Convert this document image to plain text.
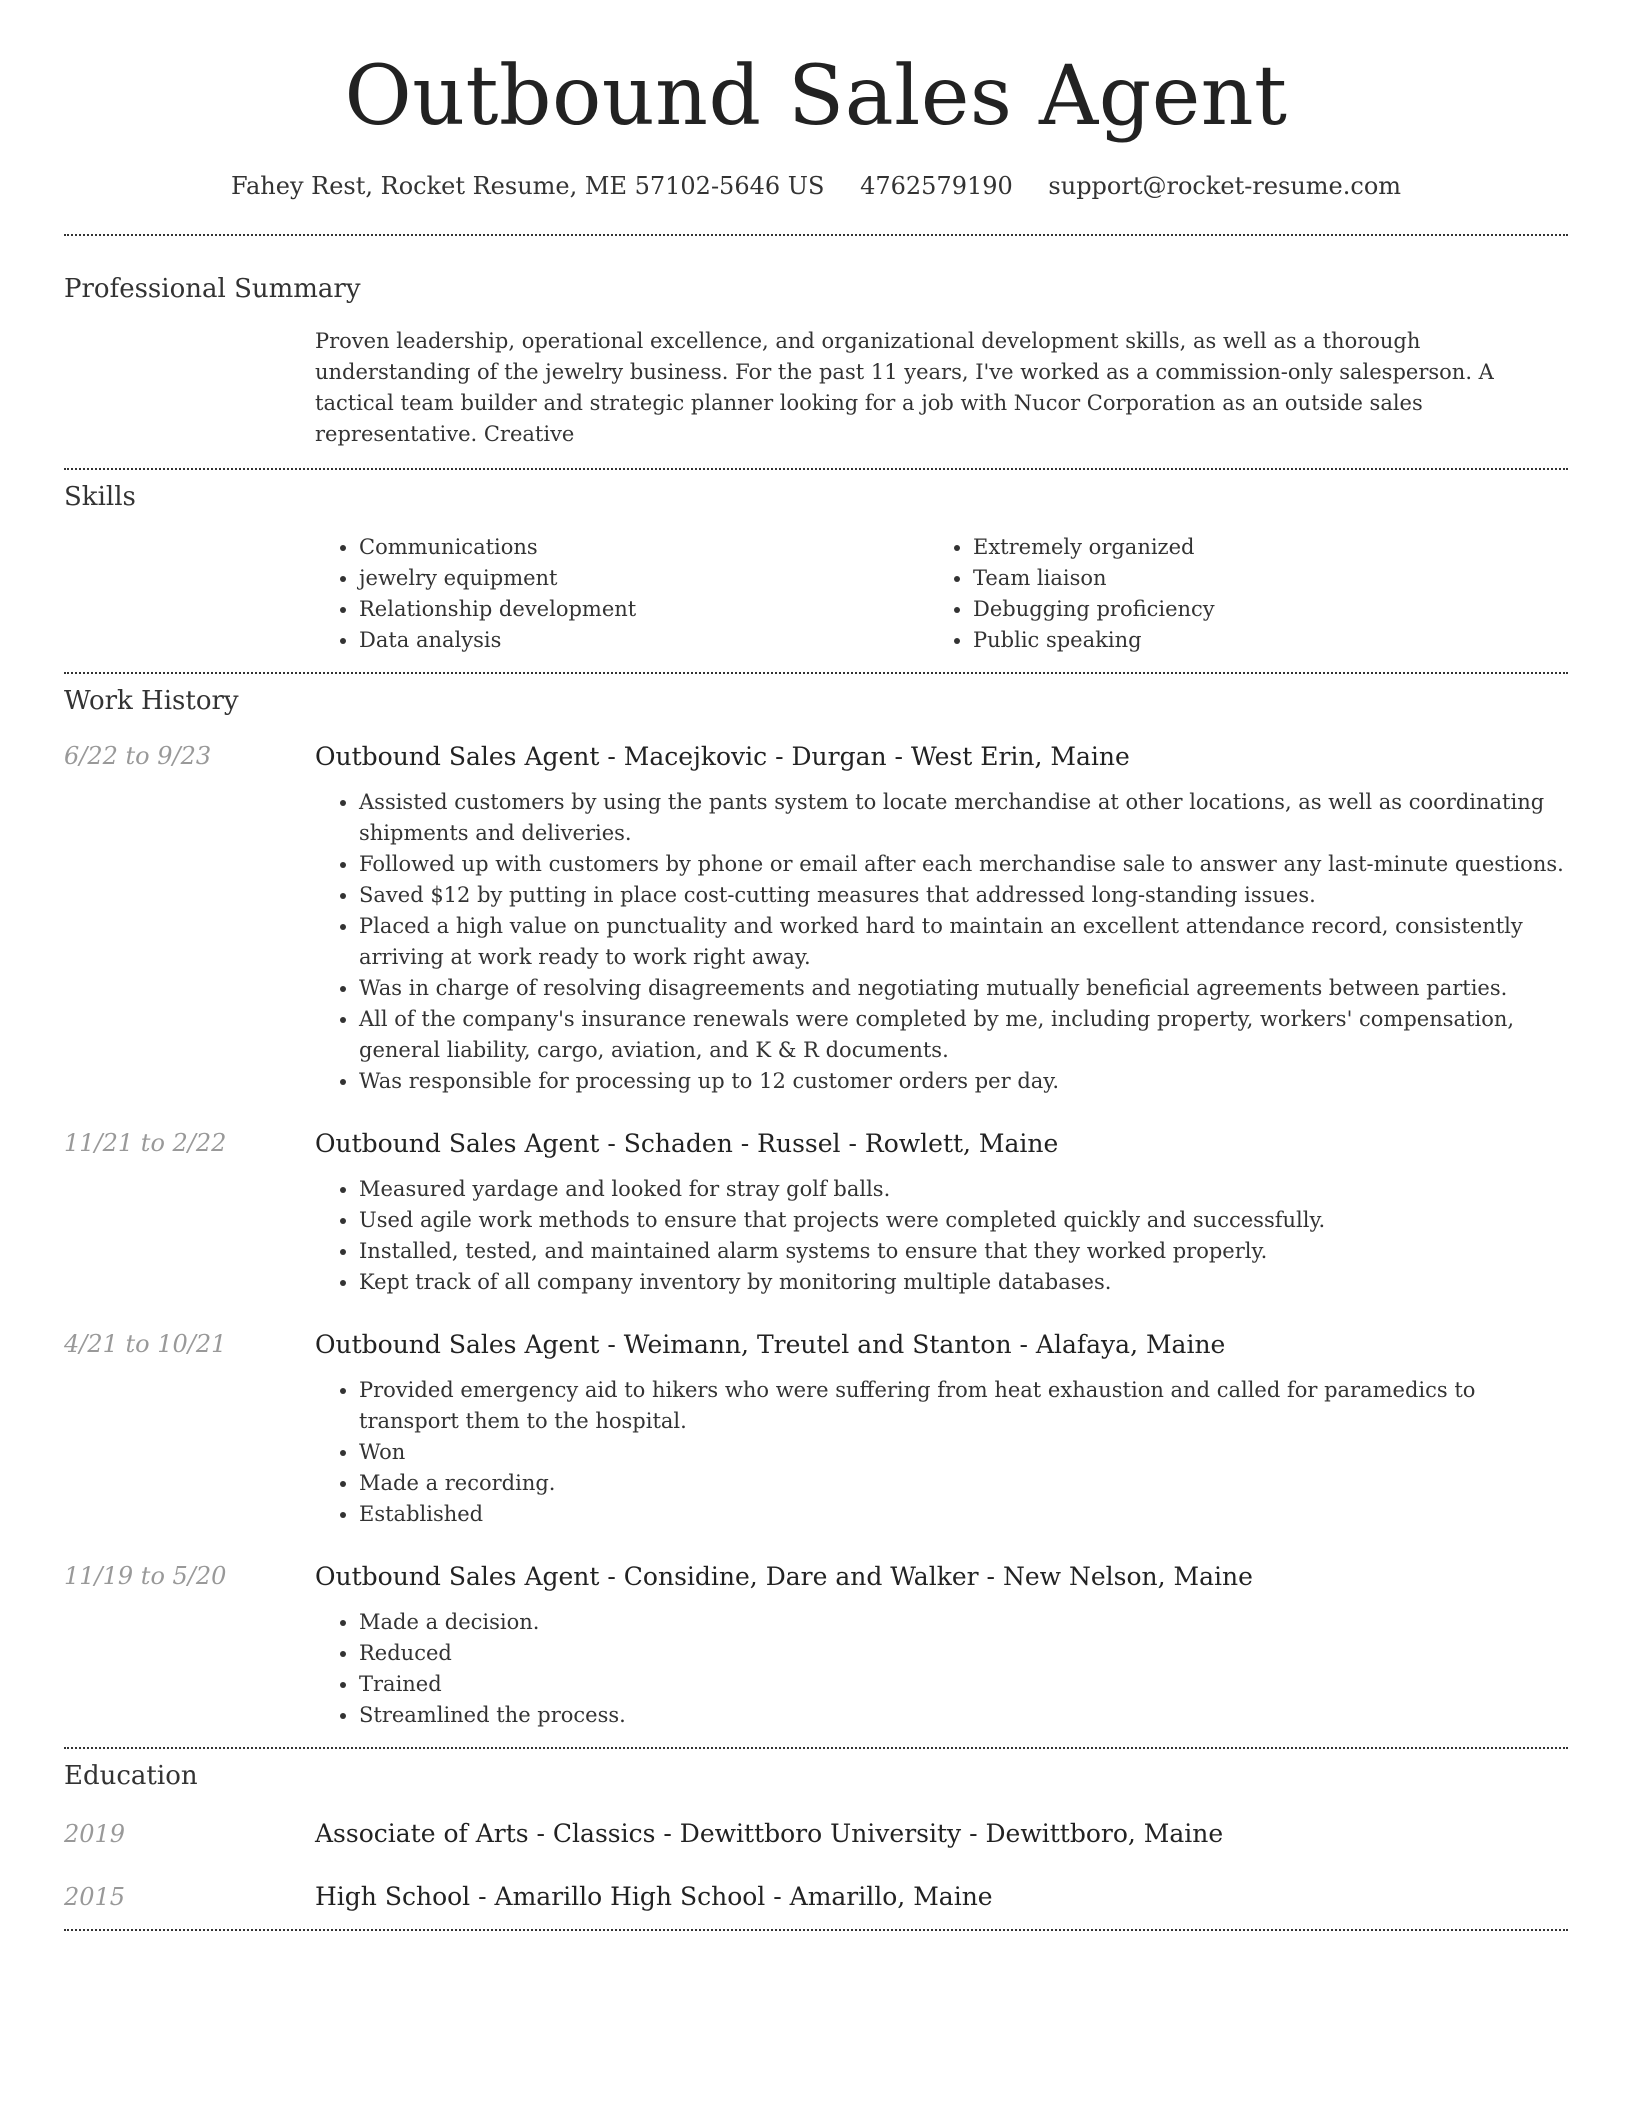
Outbound Sales Agent
Fahey Rest, Rocket Resume, ME 57102-5646 US 4762579190 support@rocket-resume.com
Professional Summary

Proven leadership, operational excellence, and organizational development skills, as well as a thorough understanding of the jewelry business. For the past 11 years, I've worked as a commission-only salesperson. A tactical team builder and strategic planner looking for a job with Nucor Corporation as an outside sales representative. Creative

Skills
• Communications
• jewelry equipment
• Relationship development
• Data analysis
• Extremely organized
• Team liaison
• Debugging proficiency
• Public speaking
Work History
6/22 to 9/23	Outbound Sales Agent - Macejkovic - Durgan - West Erin, Maine

• Assisted customers by using the pants system to locate merchandise at other locations, as well as coordinating shipments and deliveries.
• Followed up with customers by phone or email after each merchandise sale to answer any last-minute questions.
• Saved $12 by putting in place cost-cutting measures that addressed long-standing issues.
• Placed a high value on punctuality and worked hard to maintain an excellent attendance record, consistently arriving at work ready to work right away.
• Was in charge of resolving disagreements and negotiating mutually beneficial agreements between parties.
• All of the company's insurance renewals were completed by me, including property, workers' compensation, general liability, cargo, aviation, and K & R documents.
• Was responsible for processing up to 12 customer orders per day.
11/21 to 2/22	Outbound Sales Agent - Schaden - Russel - Rowlett, Maine

• Measured yardage and looked for stray golf balls.
• Used agile work methods to ensure that projects were completed quickly and successfully.
• Installed, tested, and maintained alarm systems to ensure that they worked properly.
• Kept track of all company inventory by monitoring multiple databases.
4/21 to 10/21	Outbound Sales Agent - Weimann, Treutel and Stanton - Alafaya, Maine

• Provided emergency aid to hikers who were suffering from heat exhaustion and called for paramedics to transport them to the hospital.
• Won
• Made a recording.
• Established
11/19 to 5/20	Outbound Sales Agent - Considine, Dare and Walker - New Nelson, Maine

• Made a decision.
• Reduced
• Trained
• Streamlined the process.
Education
2019	Associate of Arts - Classics - Dewittboro University - Dewittboro, Maine
2015	High School - Amarillo High School - Amarillo, Maine
